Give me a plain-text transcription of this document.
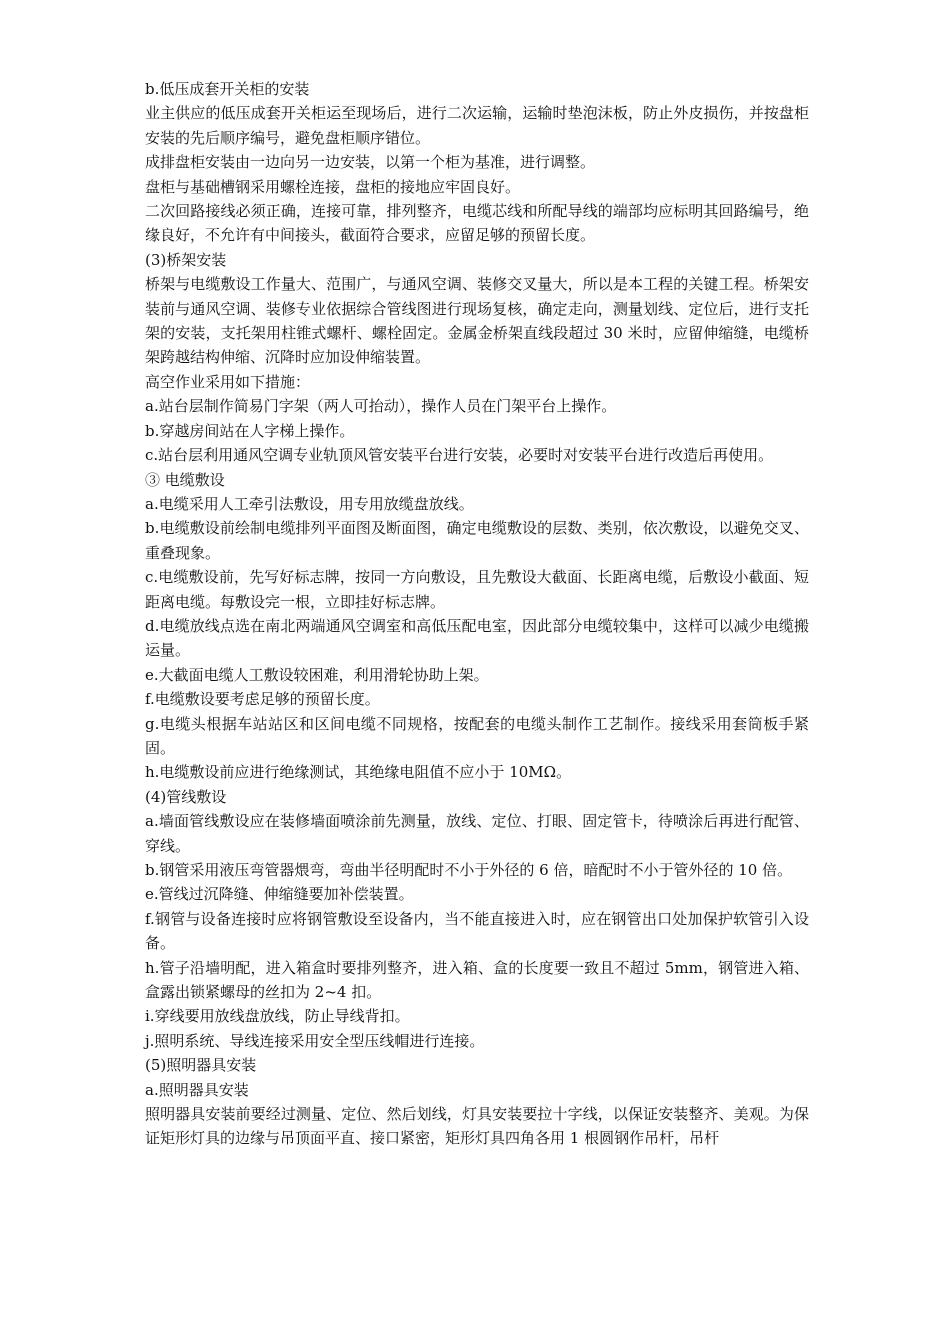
b.低压成套开关柜的安装

业主供应的低压成套开关柜运至现场后，进行二次运输，运输时垫泡沫板，防止外皮损伤，并按盘柜安装的先后顺序编号，避免盘柜顺序错位。

成排盘柜安装由一边向另一边安装，以第一个柜为基准，进行调整。

盘柜与基础槽钢采用螺栓连接，盘柜的接地应牢固良好。

二次回路接线必须正确，连接可靠，排列整齐，电缆芯线和所配导线的端部均应标明其回路编号，绝缘良好，不允许有中间接头，截面符合要求，应留足够的预留长度。

(3)桥架安装

桥架与电缆敷设工作量大、范围广，与通风空调、装修交叉量大，所以是本工程的关键工程。桥架安装前与通风空调、装修专业依据综合管线图进行现场复核，确定走向，测量划线、定位后，进行支托架的安装，支托架用柱锥式螺杆、螺栓固定。金属金桥架直线段超过 30 米时，应留伸缩缝，电缆桥架跨越结构伸缩、沉降时应加设伸缩装置。

高空作业采用如下措施：

a.站台层制作简易门字架（两人可抬动），操作人员在门架平台上操作。

b.穿越房间站在人字梯上操作。

c.站台层利用通风空调专业轨顶风管安装平台进行安装，必要时对安装平台进行改造后再使用。

③ 电缆敷设

a.电缆采用人工牵引法敷设，用专用放缆盘放线。

b.电缆敷设前绘制电缆排列平面图及断面图，确定电缆敷设的层数、类别，依次敷设，以避免交叉、重叠现象。

c.电缆敷设前，先写好标志牌，按同一方向敷设，且先敷设大截面、长距离电缆，后敷设小截面、短距离电缆。每敷设完一根，立即挂好标志牌。

d.电缆放线点选在南北两端通风空调室和高低压配电室，因此部分电缆较集中，这样可以减少电缆搬运量。

e.大截面电缆人工敷设较困难，利用滑轮协助上架。

f.电缆敷设要考虑足够的预留长度。

g.电缆头根据车站站区和区间电缆不同规格，按配套的电缆头制作工艺制作。接线采用套筒板手紧固。

h.电缆敷设前应进行绝缘测试，其绝缘电阻值不应小于 10MΩ。

(4)管线敷设

a.墙面管线敷设应在装修墙面喷涂前先测量，放线、定位、打眼、固定管卡，待喷涂后再进行配管、穿线。

b.钢管采用液压弯管器煨弯，弯曲半径明配时不小于外径的 6 倍，暗配时不小于管外径的 10 倍。

e.管线过沉降缝、伸缩缝要加补偿装置。

f.钢管与设备连接时应将钢管敷设至设备内，当不能直接进入时，应在钢管出口处加保护软管引入设备。

h.管子沿墙明配，进入箱盒时要排列整齐，进入箱、盒的长度要一致且不超过 5mm，钢管进入箱、盒露出锁紧螺母的丝扣为 2~4 扣。

i.穿线要用放线盘放线，防止导线背扣。

j.照明系统、导线连接采用安全型压线帽进行连接。

(5)照明器具安装

a.照明器具安装

照明器具安装前要经过测量、定位、然后划线，灯具安装要拉十字线，以保证安装整齐、美观。为保证矩形灯具的边缘与吊顶面平直、接口紧密，矩形灯具四角各用 1 根圆钢作吊杆，吊杆
